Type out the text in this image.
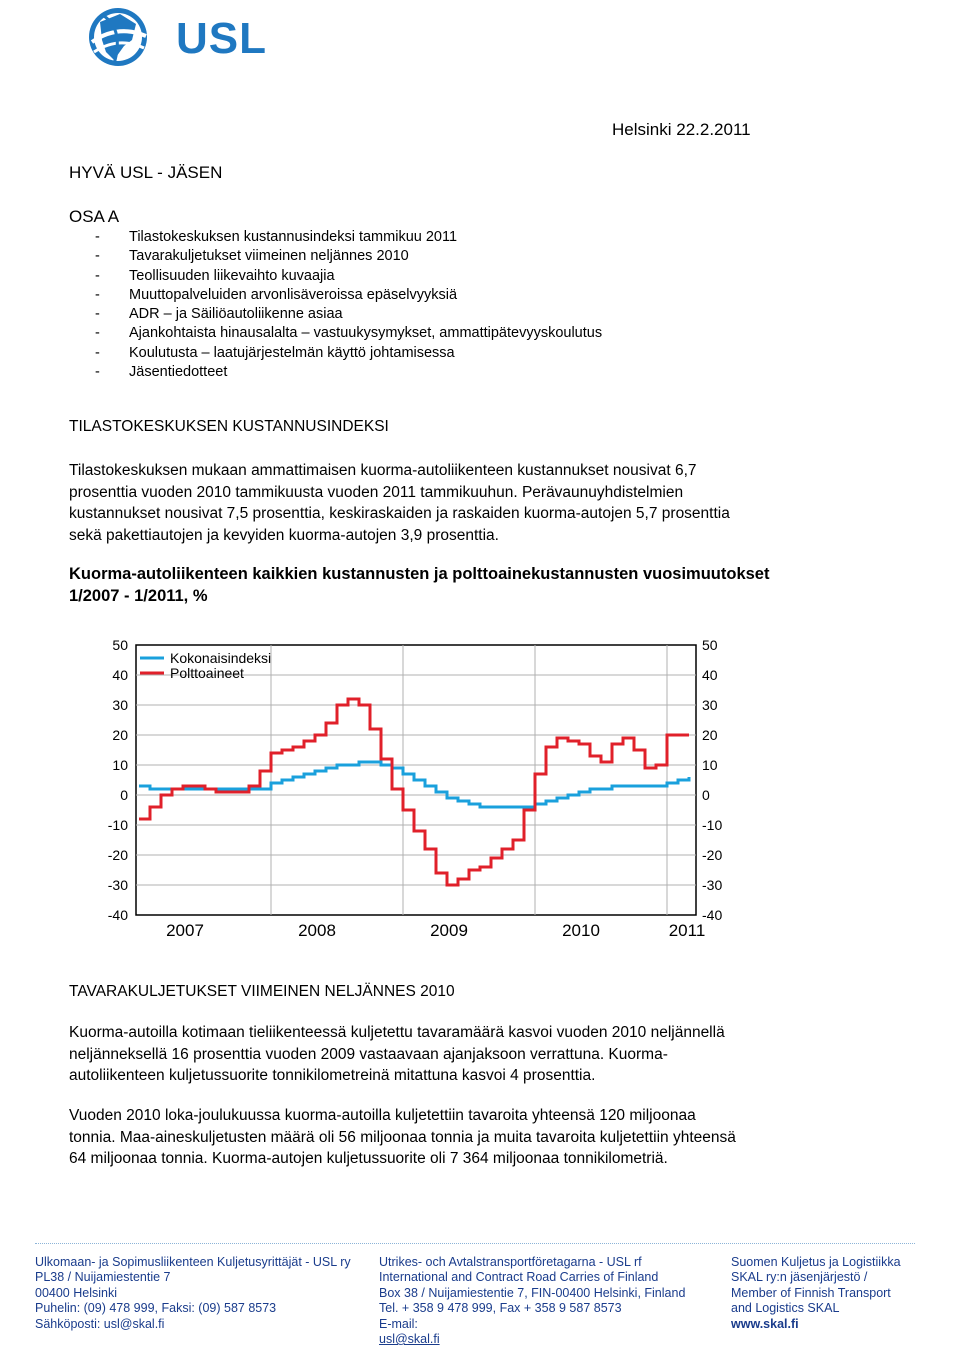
USL
Helsinki 22.2.2011
HYVÄ USL - JÄSEN
OSA A
- Tilastokeskuksen kustannusindeksi tammikuu 2011
- Tavarakuljetukset viimeinen neljännes 2010
- Teollisuuden liikevaihto kuvaajia
- Muuttopalveluiden arvonlisäveroissa epäselvyyksiä
- ADR – ja Säiliöautoliikenne asiaa
- Ajankohtaista hinausalalta – vastuukysymykset, ammattipätevyyskoulutus
- Koulutusta – laatujärjestelmän käyttö johtamisessa
- Jäsentiedotteet
TILASTOKESKUKSEN KUSTANNUSINDEKSI
Tilastokeskuksen mukaan ammattimaisen kuorma-autoliikenteen kustannukset nousivat 6,7
prosenttia vuoden 2010 tammikuusta vuoden 2011 tammikuuhun. Perävaunuyhdistelmien
kustannukset nousivat 7,5 prosenttia, keskiraskaiden ja raskaiden kuorma-autojen 5,7 prosenttia
sekä pakettiautojen ja kevyiden kuorma-autojen 3,9 prosenttia.
Kuorma-autoliikenteen kaikkien kustannusten ja polttoainekustannusten vuosimuutokset
1/2007 - 1/2011, %
50	50
40	40
30	30
20	20
10	10
0	0
-10	-10
-20	-20
-30	-30
-40	-40
2007	2008	2009	2010	2011
Kokonaisindeksi
Polttoaineet
TAVARAKULJETUKSET VIIMEINEN NELJÄNNES 2010
Kuorma-autoilla kotimaan tieliikenteessä kuljetettu tavaramäärä kasvoi vuoden 2010 neljännellä
neljänneksellä 16 prosenttia vuoden 2009 vastaavaan ajanjaksoon verrattuna. Kuorma-
autoliikenteen kuljetussuorite tonnikilometreinä mitattuna kasvoi 4 prosenttia.
Vuoden 2010 loka-joulukuussa kuorma-autoilla kuljetettiin tavaroita yhteensä 120 miljoonaa
tonnia. Maa-aineskuljetusten määrä oli 56 miljoonaa tonnia ja muita tavaroita kuljetettiin yhteensä
64 miljoonaa tonnia. Kuorma-autojen kuljetussuorite oli 7 364 miljoonaa tonnikilometriä.
Ulkomaan- ja Sopimusliikenteen Kuljetusyrittäjät - USL ry
PL38 / Nuijamiestentie 7
00400 Helsinki
Puhelin: (09) 478 999, Faksi: (09) 587 8573
Sähköposti: usl@skal.fi
Utrikes- och Avtalstransportföretagarna - USL rf
International and Contract Road Carries of Finland
Box 38 / Nuijamiestentie 7, FIN-00400 Helsinki, Finland
Tel. + 358 9 478 999, Fax + 358 9 587 8573
E-mail:
usl@skal.fi
Suomen Kuljetus ja Logistiikka
SKAL ry:n jäsenjärjestö /
Member of Finnish Transport
and Logistics SKAL
www.skal.fi
